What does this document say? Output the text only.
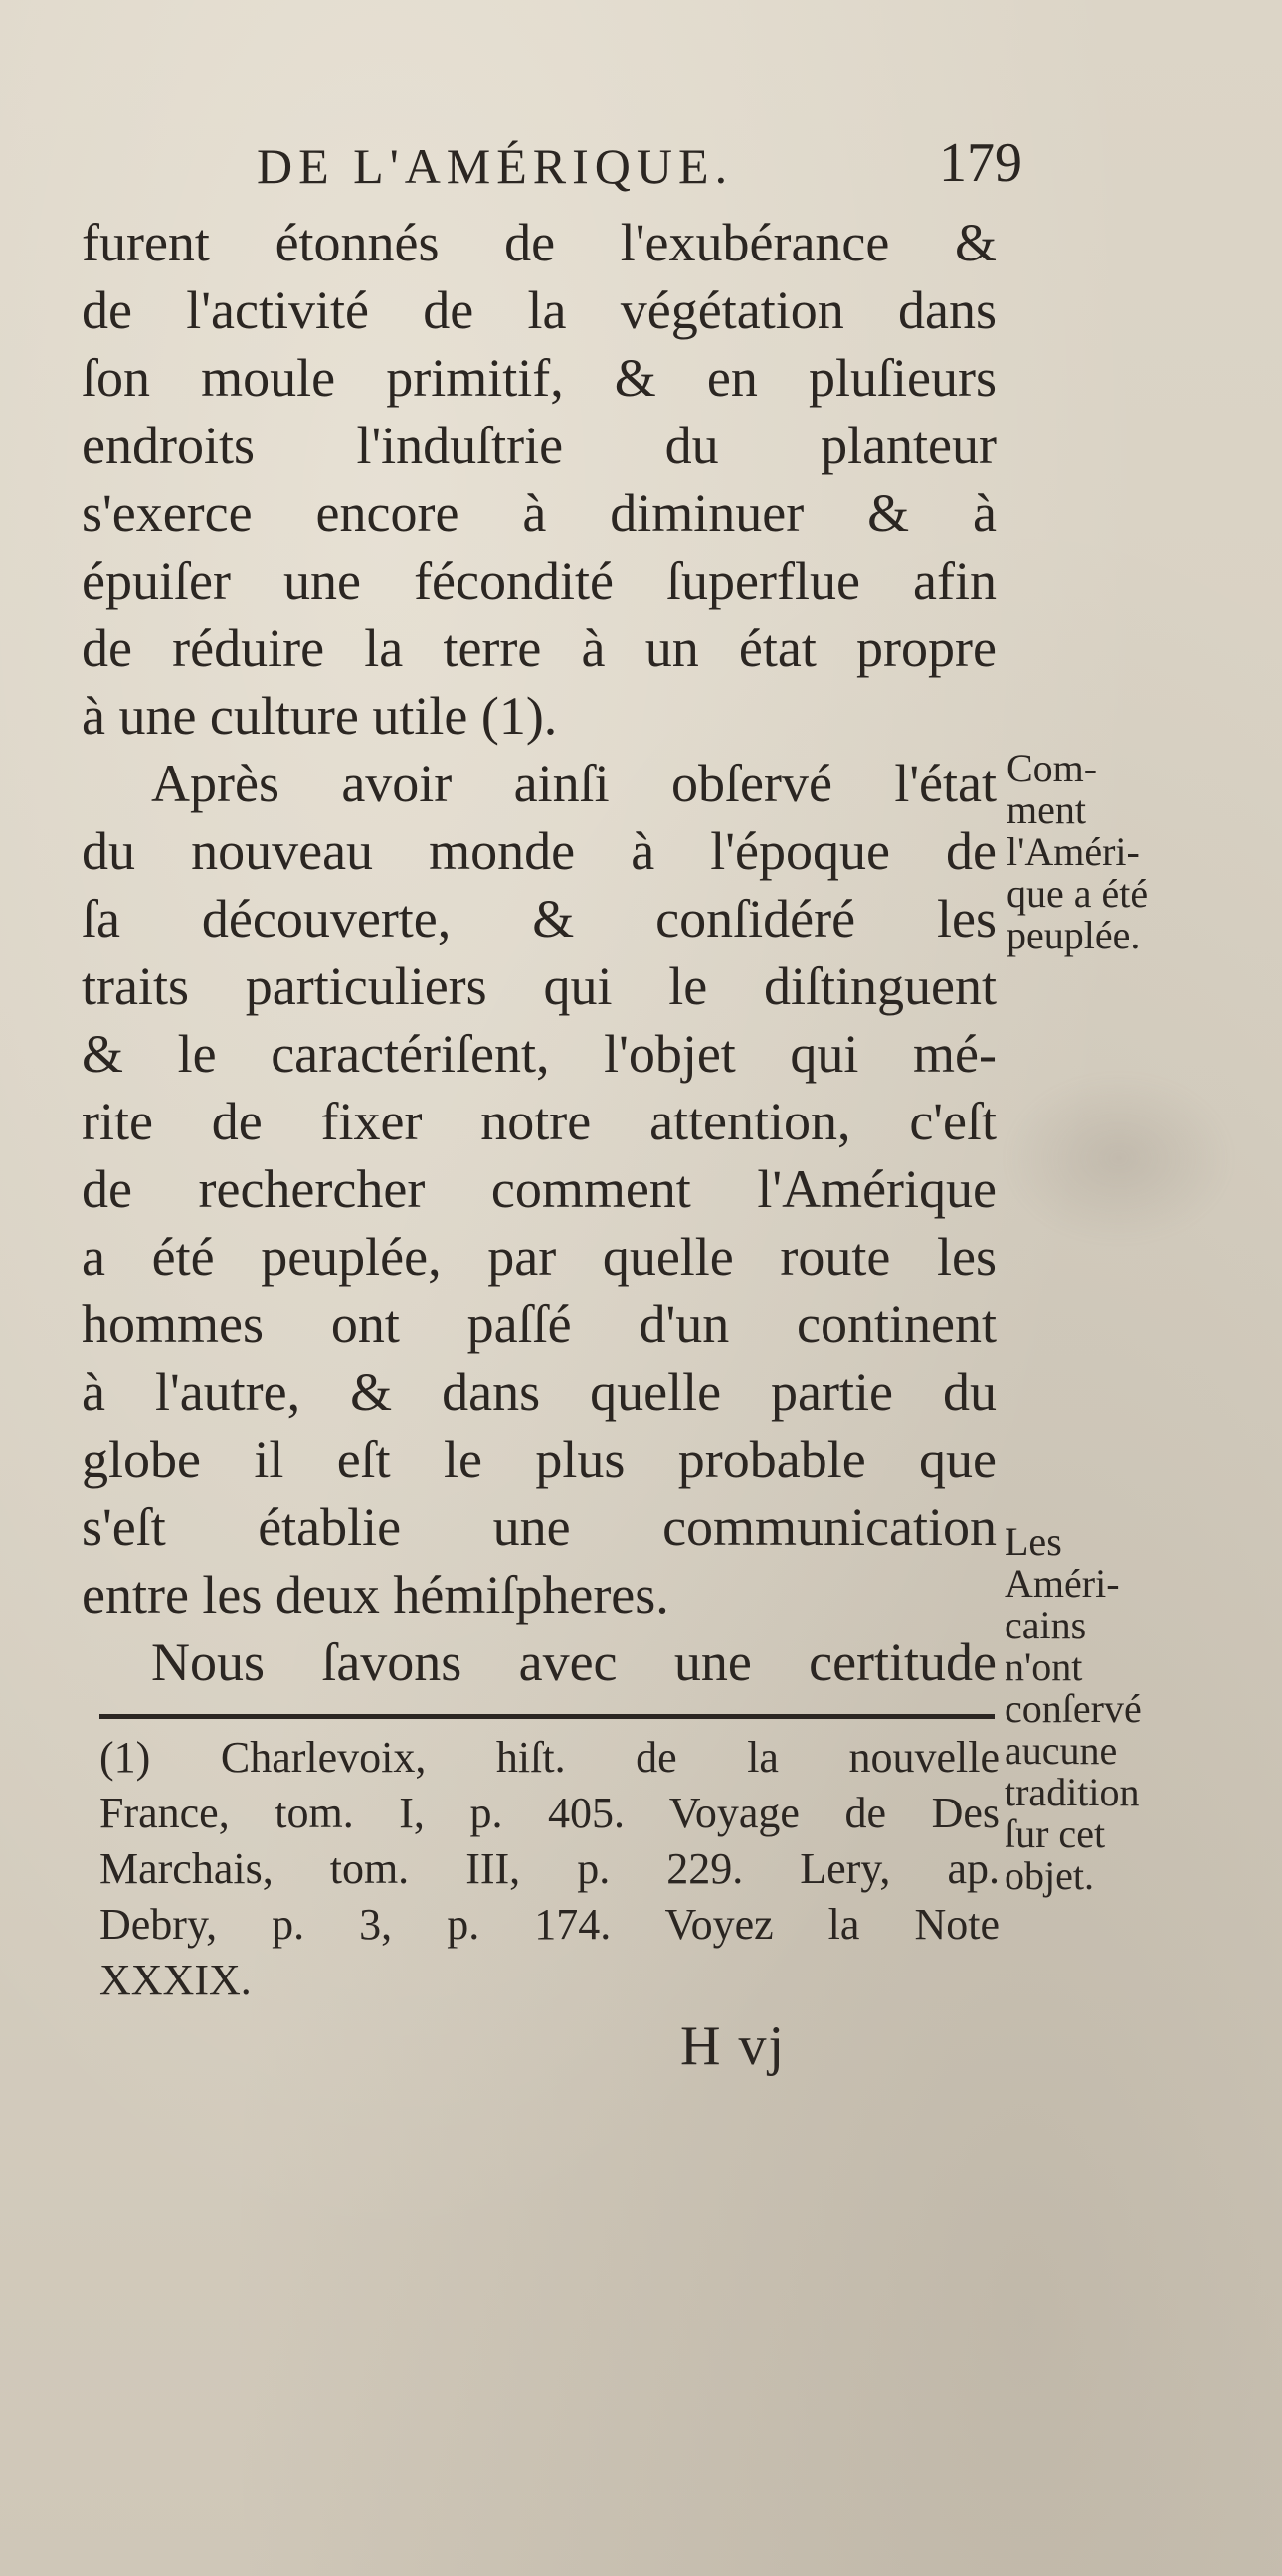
DE L'AMÉRIQUE.	179
furent étonnés de l'exubérance &
de l'activité de la végétation dans
ſon moule primitif, & en pluſieurs
endroits l'induſtrie du planteur
s'exerce encore à diminuer & à
épuiſer une fécondité ſuperflue afin
de réduire la terre à un état propre
à une culture utile (1).
Après avoir ainſi obſervé l'état
du nouveau monde à l'époque de
ſa découverte, & conſidéré les
traits particuliers qui le diſtinguent
& le caractériſent, l'objet qui mé-
rite de fixer notre attention, c'eſt
de rechercher comment l'Amérique
a été peuplée, par quelle route les
hommes ont paſſé d'un continent
à l'autre, & dans quelle partie du
globe il eſt le plus probable que
s'eſt établie une communication
entre les deux hémiſpheres.
Nous ſavons avec une certitude
Com-
ment
l'Améri-
que a été
peuplée.
Les
Améri-
cains
n'ont
conſervé
aucune
tradition
ſur cet
objet.
(1) Charlevoix, hiſt. de la nouvelle
France, tom. I, p. 405. Voyage de Des
Marchais, tom. III, p. 229. Lery, ap.
Debry, p. 3, p. 174. Voyez la Note
XXXIX.
H vj
